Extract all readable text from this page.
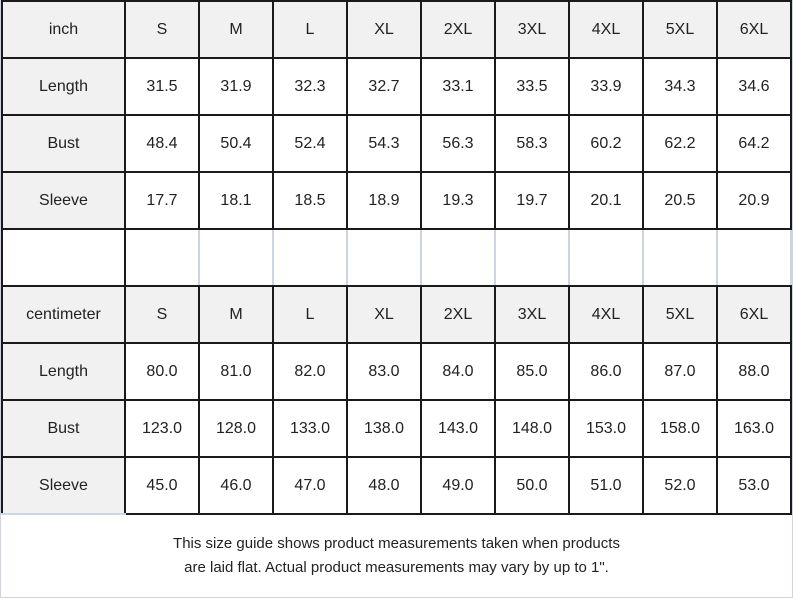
inch	S	M	L	XL	2XL	3XL	4XL	5XL	6XL
Length	31.5	31.9	32.3	32.7	33.1	33.5	33.9	34.3	34.6
Bust	48.4	50.4	52.4	54.3	56.3	58.3	60.2	62.2	64.2
Sleeve	17.7	18.1	18.5	18.9	19.3	19.7	20.1	20.5	20.9

centimeter	S	M	L	XL	2XL	3XL	4XL	5XL	6XL
Length	80.0	81.0	82.0	83.0	84.0	85.0	86.0	87.0	88.0
Bust	123.0	128.0	133.0	138.0	143.0	148.0	153.0	158.0	163.0
Sleeve	45.0	46.0	47.0	48.0	49.0	50.0	51.0	52.0	53.0
This size guide shows product measurements taken when products
are laid flat. Actual product measurements may vary by up to 1".
